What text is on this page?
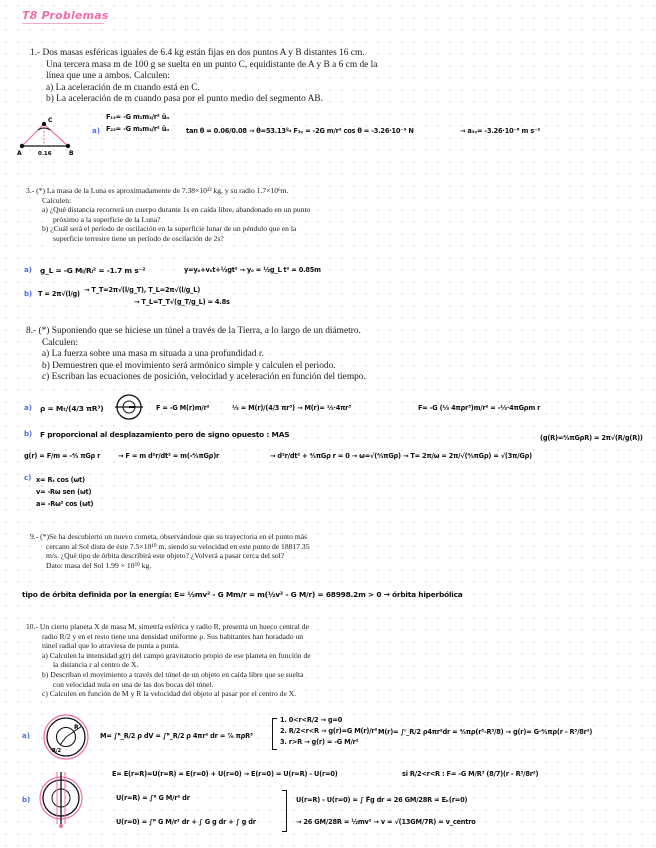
T8 Problemas
1.- Dos masas esféricas iguales de 6.4 kg están fijas en dos puntos A y B distantes 16 cm.
Una tercera masa m de 100 g se suelta en un punto C, equidistante de A y B a 6 cm de la
línea que une a ambos. Calculen:
a) La aceleración de m cuando está en C.
b) La aceleración de m cuando pasa por el punto medio del segmento AB.
C
A	B
0.16
a)
F₁₃= -G m₁m₃/r² ûₙ
F₂₃= -G m₂m₃/r² ûₙ	tan θ = 0.06/0.08 → θ=53.13°
→ F₃ᵧ = -2G m/r² cos θ = -3.26·10⁻⁹ N	→ a₃ᵧ= -3.26·10⁻⁸ m s⁻²
3.- (*) La masa de la Luna es aproximadamente de 7.38×10²² kg, y su radio 1.7×10⁶m.
Calculen:
a) ¿Qué distancia recorrerá un cuerpo durante 1s en caída libre, abandonado en un punto
próximo a la superficie de la Luna?
b) ¿Cuál será el período de oscilación en la superficie lunar de un péndulo que en la
superficie terrestre tiene un período de oscilación de 2s?
a) g_L = -G Mₗ/Rₗ² = -1.7 m s⁻²	y=y₀+v₀t+½gt² → y₀ = ½g_L t² = 0.85m
b) T = 2π√(l/g) → T_T=2π√(l/g_T), T_L=2π√(l/g_L)
→ T_L=T_T√(g_T/g_L) = 4.8s
8.- (*) Suponiendo que se hiciese un túnel a través de la Tierra, a lo largo de un diámetro.
Calculen:
a) La fuerza sobre una masa m situada a una profundidad r.
b) Demuestren que el movimiento será armónico simple y calculen el periodo.
c) Escriban las ecuaciones de posición, velocidad y aceleración en función del tiempo.
a) ρ = Mₜ/(4/3 πR³)	F = -G M(r)m/r²	⅓ = M(r)/(4/3 πr³) → M(r)= ⅓·4πr³	F= -G (⅓ 4πρr³)m/r² = -⅓·4πGρm r
b) F proporcional al desplazamiento pero de signo opuesto : MAS
g(r) = F/m = -⁴⁄₃ πGρ r	→ F = m d²r/dt² = m(-⁴⁄₃πGρ)r	→ d²r/dt² + ⁴⁄₃πGρ r = 0 → ω=√(⁴⁄₃πGρ) → T= 2π/ω = 2π/√(⁴⁄₃πGρ) = √(3π/Gρ)
(g(R)=⁴⁄₃πGρR) = 2π√(R/g(R))
c) x= Rₜ cos (ωt)
v= -Rω sen (ωt)
a= -Rω² cos (ωt)
9.- (*)Se ha descubierto un nuevo cometa, observándose que su trayectoria en el punto más
cercano al Sol dista de éste 7.5×10¹⁰ m, siendo su velocidad en este punto de 18817.35
m/s. ¿Qué tipo de órbita describirá este objeto? ¿Volverá a pasar cerca del sol?
Dato: masa del Sol 1.99 × 10³⁰ kg.
tipo de órbita definida por la energía: E= ½mv² - G Mm/r = m(½v² - G M/r) = 68998.2m > 0 → órbita hiperbólica
10.- Un cierto planeta X de masa M, simetría esférica y radio R, presenta un hueco central de
radio R/2 y en el resto tiene una densidad uniforme ρ. Sus habitantes han horadado un
túnel radial que lo atraviesa de punta a punta.
a) Calculen la intensidad g(r) del campo gravitatorio propio de ese planeta en función de
la distancia r al centro de X.
b) Describan el movimiento a través del túnel de un objeto en caída libre que se suelta
con velocidad nula en una de las dos bocas del túnel.
c) Calculen en función de M y R la velocidad del objeto al pasar por el centro de X.
a)
R
R/2
M= ∫ᴿ_R/2 ρ dV = ∫ᴿ_R/2 ρ 4πr² dr = ⁷⁄₆ πρR³
1. 0<r<R/2 → g=0
2. R/2<r<R → g(r)=G M(r)/r²
3. r>R → g(r) = -G M/r²
M(r)= ∫ʳ_R/2 ρ4πr²dr = ⁴⁄₃πρ(r³-R³/8) → g(r)= G·⁴⁄₃πρ(r - R³/8r²)
b)
E= E(r=R)=U(r=R) = E(r=0) + U(r=0) → E(r=0) = U(r=R) - U(r=0)	si R/2<r<R : F= -G M/R³ (8/7)(r - R³/8r²)
U(r=R) = ∫ᴿ G M/r² dr
U(r=0) = ∫ᴿ G M/r² dr + ∫ G g dr + ∫ g dr
U(r=R) - U(r=0) = ∫ F⃗g dr = 26 GM/28R = Eₖ(r=0)
→ 26 GM/28R = ½mv² → v = √(13GM/7R) = v_centro
